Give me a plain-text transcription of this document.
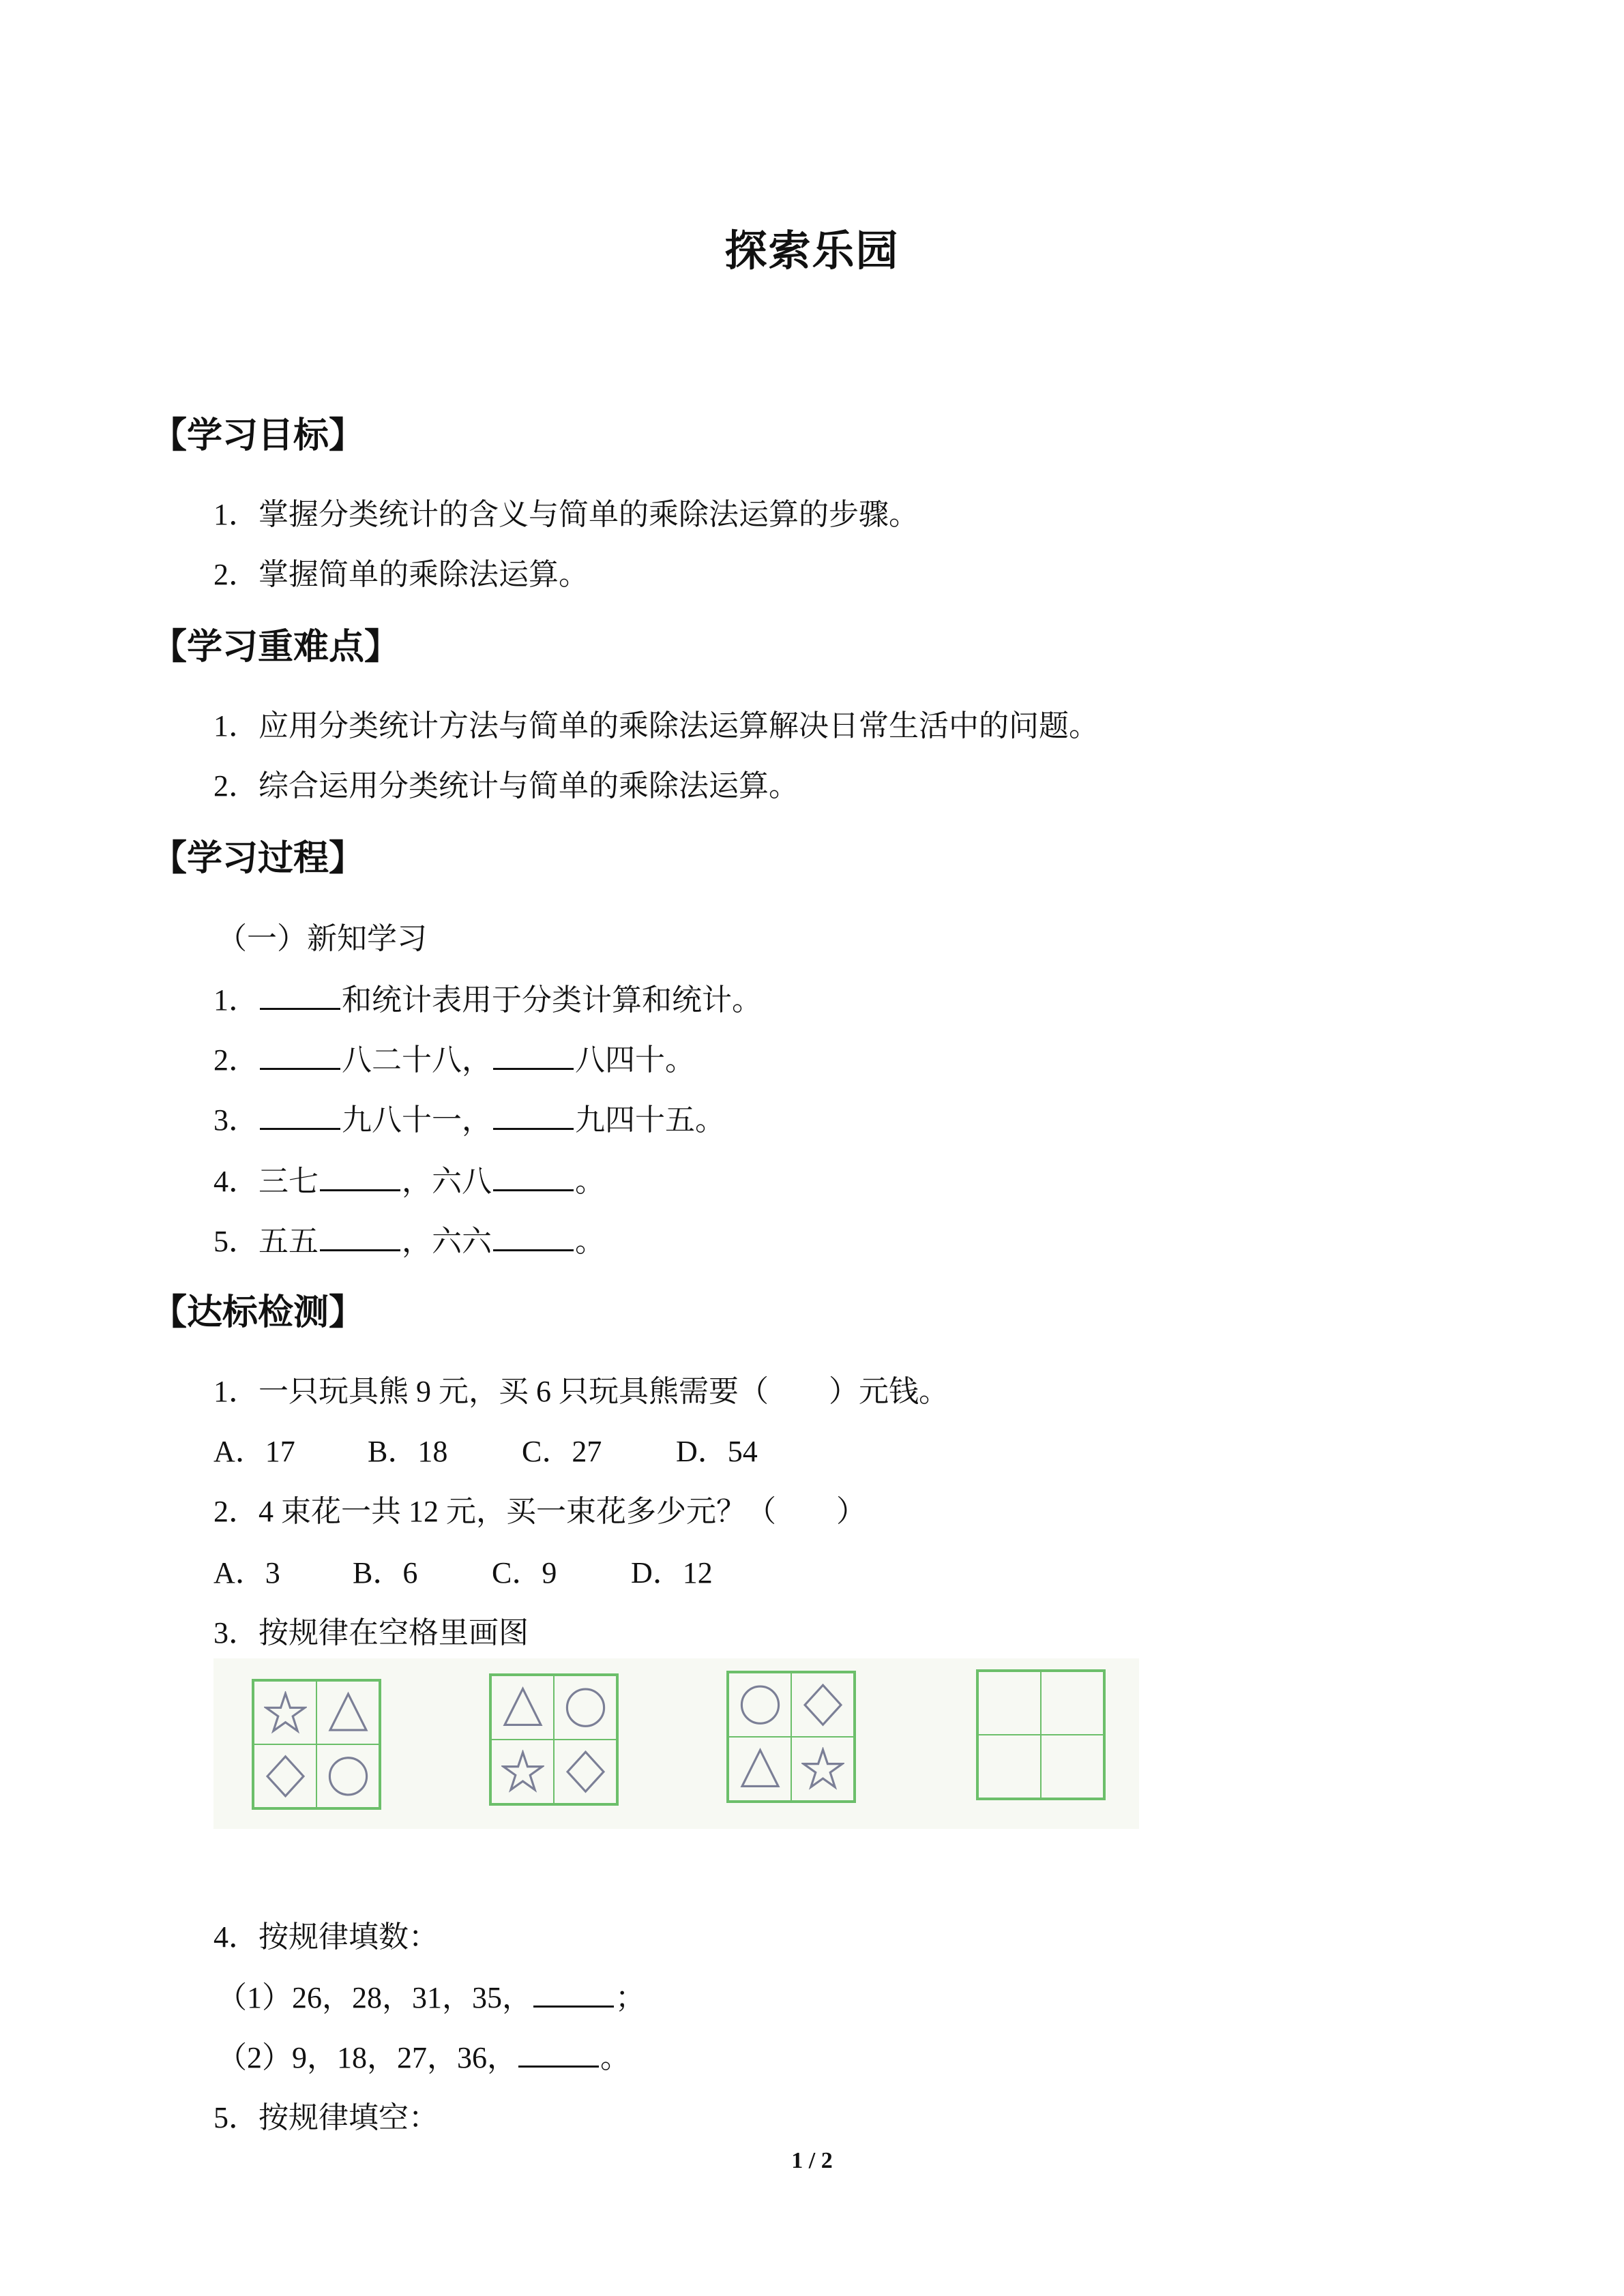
探索乐园
【学习目标】
1．掌握分类统计的含义与简单的乘除法运算的步骤。
2．掌握简单的乘除法运算。
【学习重难点】
1．应用分类统计方法与简单的乘除法运算解决日常生活中的问题。
2．综合运用分类统计与简单的乘除法运算。
【学习过程】
（一）新知学习
1．	和统计表用于分类计算和统计。
2．	八二十八，	八四十。
3．	九八十一，	九四十五。
4．三七	，六八	。
5．五五	，六六	。
【达标检测】
1．一只玩具熊 9 元，买 6 只玩具熊需要（　　）元钱。
A．17 B．18 C．27 D．54
2．4 束花一共 12 元，买一束花多少元？（　　）
A．3 B．6 C．9 D．12
3．按规律在空格里画图
4．按规律填数：
（1）26，28，31，35，	；
（2）9，18，27，36，	。
5．按规律填空：
1 / 2
